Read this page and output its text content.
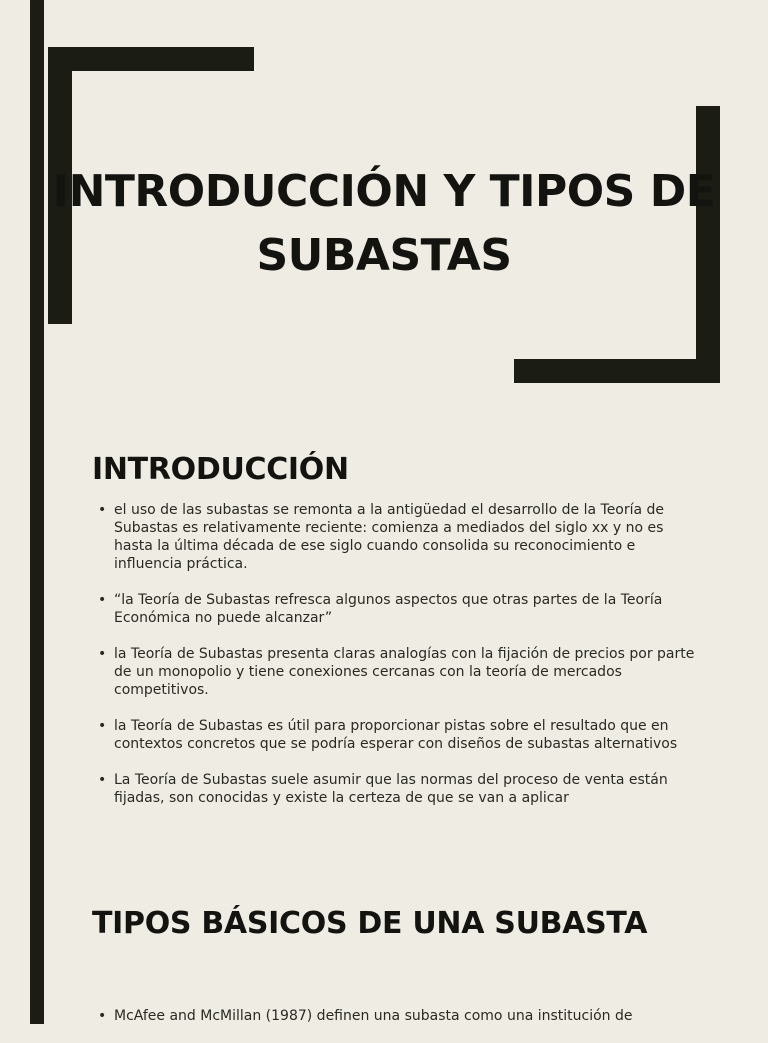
INTRODUCCIÓN Y TIPOS DE SUBASTAS
INTRODUCCIÓN
• el uso de las subastas se remonta a la antigüedad el desarrollo de la Teoría de Subastas es relativamente reciente: comienza a mediados del siglo xx y no es hasta la última década de ese siglo cuando consolida su reconocimiento e influencia práctica.
• “la Teoría de Subastas refresca algunos aspectos que otras partes de la Teoría Económica no puede alcanzar”
• la Teoría de Subastas presenta claras analogías con la fijación de precios por parte de un monopolio y tiene conexiones cercanas con la teoría de mercados competitivos.
• la Teoría de Subastas es útil para proporcionar pistas sobre el resultado que en contextos concretos que se podría esperar con diseños de subastas alternativos
• La Teoría de Subastas suele asumir que las normas del proceso de venta están fijadas, son conocidas y existe la certeza de que se van a aplicar
TIPOS BÁSICOS DE UNA SUBASTA
• McAfee and McMillan (1987) definen una subasta como una institución de
